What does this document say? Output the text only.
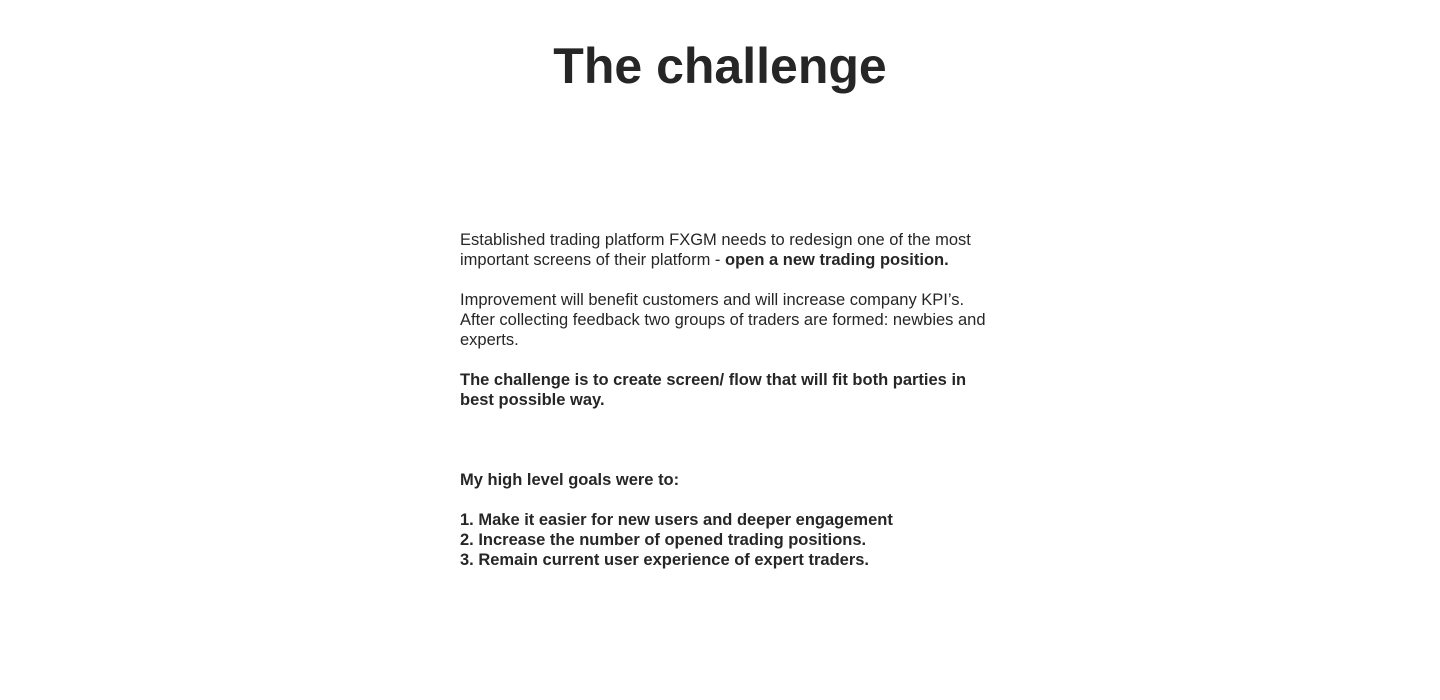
The challenge

Established trading platform FXGM needs to redesign one of the most important screens of their platform - open a new trading position.

Improvement will benefit customers and will increase company KPI’s.
After collecting feedback two groups of traders are formed: newbies and experts.

The challenge is to create screen/ flow that will fit both parties in best possible way.

My high level goals were to:

1. Make it easier for new users and deeper engagement
2. Increase the number of opened trading positions.
3. Remain current user experience of expert traders.
